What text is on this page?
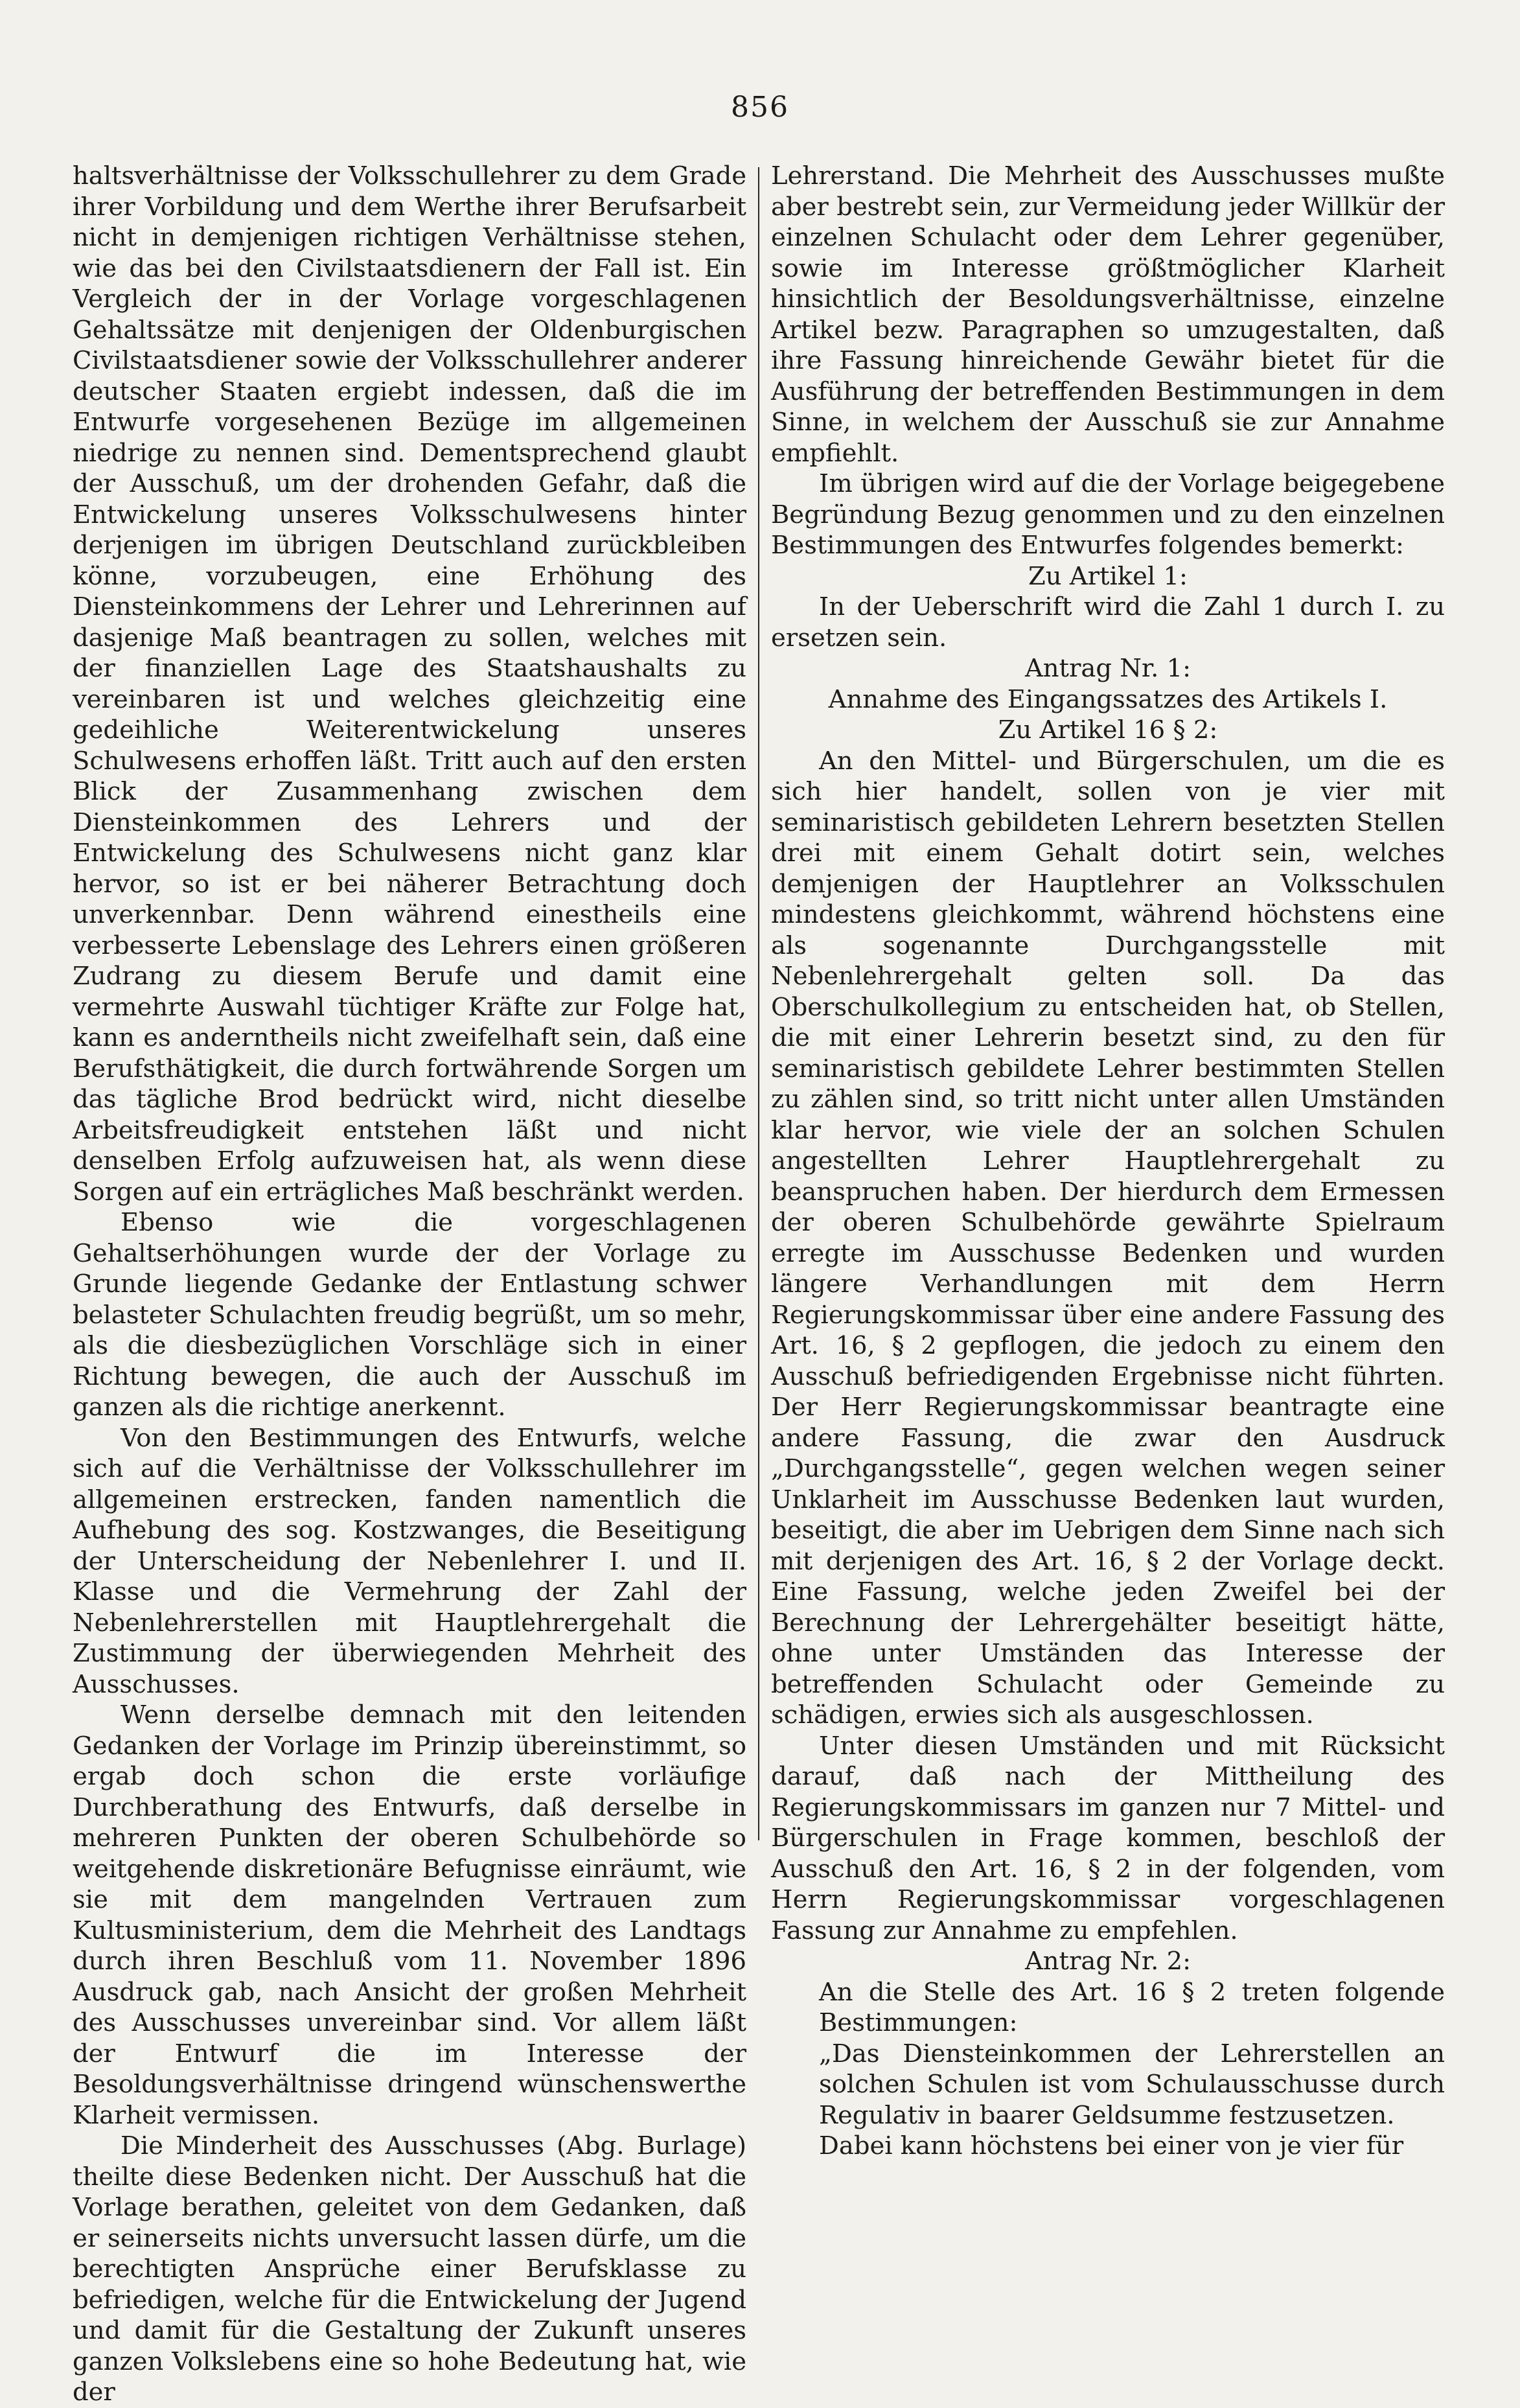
856

haltsverhältnisse der Volksschullehrer zu dem Grade ihrer Vorbildung und dem Werthe ihrer Berufsarbeit nicht in demjenigen richtigen Verhältnisse stehen, wie das bei den Civilstaatsdienern der Fall ist. Ein Vergleich der in der Vorlage vorgeschlagenen Gehaltssätze mit denjenigen der Oldenburgischen Civilstaatsdiener sowie der Volksschullehrer anderer deutscher Staaten ergiebt indessen, daß die im Entwurfe vorgesehenen Bezüge im allgemeinen niedrige zu nennen sind. Dementsprechend glaubt der Ausschuß, um der drohenden Gefahr, daß die Entwickelung unseres Volksschulwesens hinter derjenigen im übrigen Deutschland zurückbleiben könne, vorzubeugen, eine Erhöhung des Diensteinkommens der Lehrer und Lehrerinnen auf dasjenige Maß beantragen zu sollen, welches mit der finanziellen Lage des Staatshaushalts zu vereinbaren ist und welches gleichzeitig eine gedeihliche Weiterentwickelung unseres Schulwesens erhoffen läßt. Tritt auch auf den ersten Blick der Zusammenhang zwischen dem Diensteinkommen des Lehrers und der Entwickelung des Schulwesens nicht ganz klar hervor, so ist er bei näherer Betrachtung doch unverkennbar. Denn während einestheils eine verbesserte Lebenslage des Lehrers einen größeren Zudrang zu diesem Berufe und damit eine vermehrte Auswahl tüchtiger Kräfte zur Folge hat, kann es anderntheils nicht zweifelhaft sein, daß eine Berufsthätigkeit, die durch fortwährende Sorgen um das tägliche Brod bedrückt wird, nicht dieselbe Arbeitsfreudigkeit entstehen läßt und nicht denselben Erfolg aufzuweisen hat, als wenn diese Sorgen auf ein erträgliches Maß beschränkt werden.

Ebenso wie die vorgeschlagenen Gehaltserhöhungen wurde der der Vorlage zu Grunde liegende Gedanke der Entlastung schwer belasteter Schulachten freudig begrüßt, um so mehr, als die diesbezüglichen Vorschläge sich in einer Richtung bewegen, die auch der Ausschuß im ganzen als die richtige anerkennt.

Von den Bestimmungen des Entwurfs, welche sich auf die Verhältnisse der Volksschullehrer im allgemeinen erstrecken, fanden namentlich die Aufhebung des sog. Kostzwanges, die Beseitigung der Unterscheidung der Nebenlehrer I. und II. Klasse und die Vermehrung der Zahl der Nebenlehrerstellen mit Hauptlehrergehalt die Zustimmung der überwiegenden Mehrheit des Ausschusses.

Wenn derselbe demnach mit den leitenden Gedanken der Vorlage im Prinzip übereinstimmt, so ergab doch schon die erste vorläufige Durchberathung des Entwurfs, daß derselbe in mehreren Punkten der oberen Schulbehörde so weitgehende diskretionäre Befugnisse einräumt, wie sie mit dem mangelnden Vertrauen zum Kultusministerium, dem die Mehrheit des Landtags durch ihren Beschluß vom 11. November 1896 Ausdruck gab, nach Ansicht der großen Mehrheit des Ausschusses unvereinbar sind. Vor allem läßt der Entwurf die im Interesse der Besoldungsverhältnisse dringend wünschenswerthe Klarheit vermissen.

Die Minderheit des Ausschusses (Abg. Burlage) theilte diese Bedenken nicht. Der Ausschuß hat die Vorlage berathen, geleitet von dem Gedanken, daß er seinerseits nichts unversucht lassen dürfe, um die berechtigten Ansprüche einer Berufsklasse zu befriedigen, welche für die Entwickelung der Jugend und damit für die Gestaltung der Zukunft unseres ganzen Volkslebens eine so hohe Bedeutung hat, wie der

Lehrerstand. Die Mehrheit des Ausschusses mußte aber bestrebt sein, zur Vermeidung jeder Willkür der einzelnen Schulacht oder dem Lehrer gegenüber, sowie im Interesse größtmöglicher Klarheit hinsichtlich der Besoldungsverhältnisse, einzelne Artikel bezw. Paragraphen so umzugestalten, daß ihre Fassung hinreichende Gewähr bietet für die Ausführung der betreffenden Bestimmungen in dem Sinne, in welchem der Ausschuß sie zur Annahme empfiehlt.

Im übrigen wird auf die der Vorlage beigegebene Begründung Bezug genommen und zu den einzelnen Bestimmungen des Entwurfes folgendes bemerkt:

Zu Artikel 1:

In der Ueberschrift wird die Zahl 1 durch I. zu ersetzen sein.

Antrag Nr. 1:

Annahme des Eingangssatzes des Artikels I.

Zu Artikel 16 § 2:

An den Mittel- und Bürgerschulen, um die es sich hier handelt, sollen von je vier mit seminaristisch gebildeten Lehrern besetzten Stellen drei mit einem Gehalt dotirt sein, welches demjenigen der Hauptlehrer an Volksschulen mindestens gleichkommt, während höchstens eine als sogenannte Durchgangsstelle mit Nebenlehrergehalt gelten soll. Da das Oberschulkollegium zu entscheiden hat, ob Stellen, die mit einer Lehrerin besetzt sind, zu den für seminaristisch gebildete Lehrer bestimmten Stellen zu zählen sind, so tritt nicht unter allen Umständen klar hervor, wie viele der an solchen Schulen angestellten Lehrer Hauptlehrergehalt zu beanspruchen haben. Der hierdurch dem Ermessen der oberen Schulbehörde gewährte Spielraum erregte im Ausschusse Bedenken und wurden längere Verhandlungen mit dem Herrn Regierungskommissar über eine andere Fassung des Art. 16, § 2 gepflogen, die jedoch zu einem den Ausschuß befriedigenden Ergebnisse nicht führten. Der Herr Regierungskommissar beantragte eine andere Fassung, die zwar den Ausdruck „Durchgangsstelle“, gegen welchen wegen seiner Unklarheit im Ausschusse Bedenken laut wurden, beseitigt, die aber im Uebrigen dem Sinne nach sich mit derjenigen des Art. 16, § 2 der Vorlage deckt. Eine Fassung, welche jeden Zweifel bei der Berechnung der Lehrergehälter beseitigt hätte, ohne unter Umständen das Interesse der betreffenden Schulacht oder Gemeinde zu schädigen, erwies sich als ausgeschlossen.

Unter diesen Umständen und mit Rücksicht darauf, daß nach der Mittheilung des Regierungskommissars im ganzen nur 7 Mittel- und Bürgerschulen in Frage kommen, beschloß der Ausschuß den Art. 16, § 2 in der folgenden, vom Herrn Regierungskommissar vorgeschlagenen Fassung zur Annahme zu empfehlen.

Antrag Nr. 2:

An die Stelle des Art. 16 § 2 treten folgende Bestimmungen:

„Das Diensteinkommen der Lehrerstellen an solchen Schulen ist vom Schulausschusse durch Regulativ in baarer Geldsumme festzusetzen.

Dabei kann höchstens bei einer von je vier für
